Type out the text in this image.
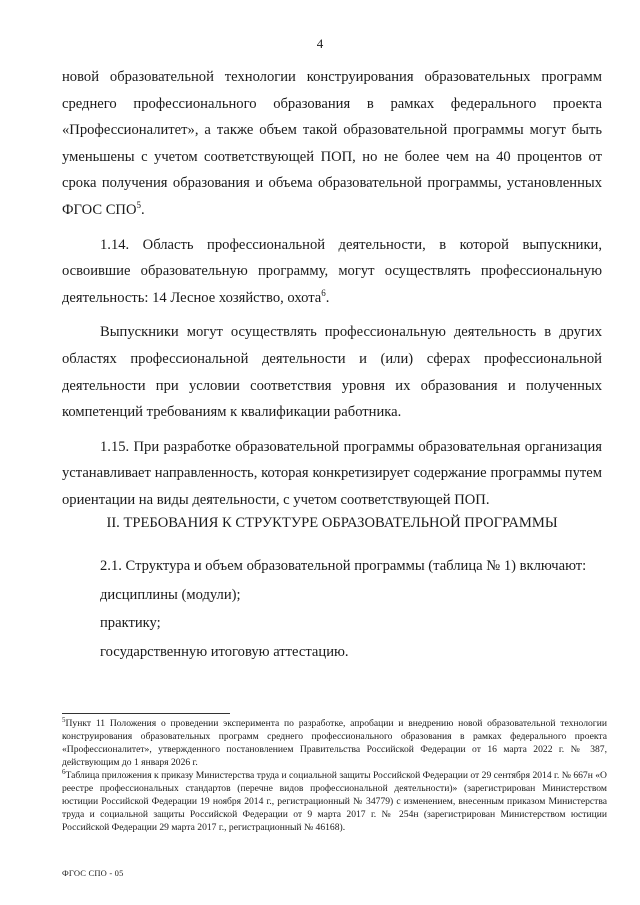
4

новой образовательной технологии конструирования образовательных программ среднего профессионального образования в рамках федерального проекта «Профессионалитет», а также объем такой образовательной программы могут быть уменьшены с учетом соответствующей ПОП, но не более чем на 40 процентов от срока получения образования и объема образовательной программы, установленных ФГОС СПО$^5$.

1.14. Область профессиональной деятельности, в которой выпускники, освоившие образовательную программу, могут осуществлять профессиональную деятельность: 14 Лесное хозяйство, охота$^6$.

Выпускники могут осуществлять профессиональную деятельность в других областях профессиональной деятельности и (или) сферах профессиональной деятельности при условии соответствия уровня их образования и полученных компетенций требованиям к квалификации работника.

1.15. При разработке образовательной программы образовательная организация устанавливает направленность, которая конкретизирует содержание программы путем ориентации на виды деятельности, с учетом соответствующей ПОП.

II. ТРЕБОВАНИЯ К СТРУКТУРЕ ОБРАЗОВАТЕЛЬНОЙ ПРОГРАММЫ

2.1. Структура и объем образовательной программы (таблица № 1) включают:

дисциплины (модули);

практику;

государственную итоговую аттестацию.

$^5$Пункт 11 Положения о проведении эксперимента по разработке, апробации и внедрению новой образовательной технологии конструирования образовательных программ среднего профессионального образования в рамках федерального проекта «Профессионалитет», утвержденного постановлением Правительства Российской Федерации от 16 марта 2022 г. № 387, действующим до 1 января 2026 г.

$^6$Таблица приложения к приказу Министерства труда и социальной защиты Российской Федерации от 29 сентября 2014 г. № 667н «О реестре профессиональных стандартов (перечне видов профессиональной деятельности)» (зарегистрирован Министерством юстиции Российской Федерации 19 ноября 2014 г., регистрационный № 34779) с изменением, внесенным приказом Министерства труда и социальной защиты Российской Федерации от 9 марта 2017 г. № 254н (зарегистрирован Министерством юстиции Российской Федерации 29 марта 2017 г., регистрационный № 46168).

ФГОС СПО - 05
